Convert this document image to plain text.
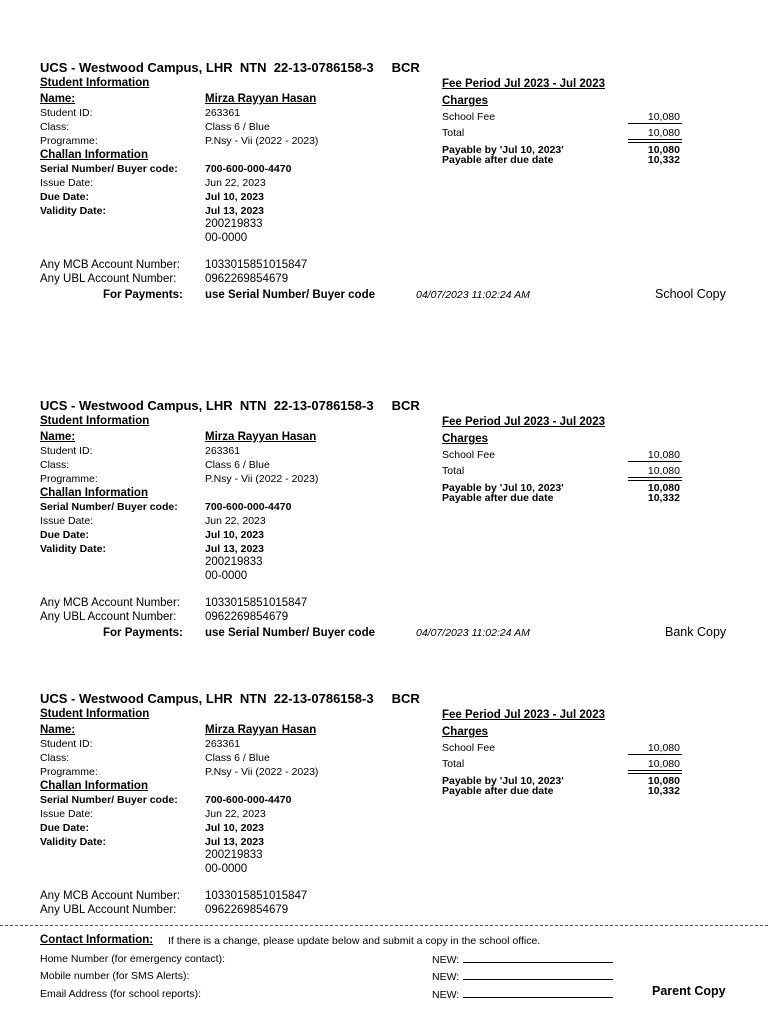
UCS - Westwood Campus, LHR NTN 22-13-0786158-3 BCR
Student Information
Name:	Mirza Rayyan Hasan
Student ID:	263361
Class:	Class 6 / Blue
Programme:	P.Nsy - Vii (2022 - 2023)
Challan Information
Serial Number/ Buyer code:	700-600-000-4470
Issue Date:	Jun 22, 2023
Due Date:	Jul 10, 2023
Validity Date:	Jul 13, 2023
200219833
00-0000
Any MCB Account Number: 1033015851015847
Any UBL Account Number: 0962269854679
For Payments: use Serial Number/ Buyer code	04/07/2023 11:02:24 AM
Fee Period Jul 2023 - Jul 2023
Charges
School Fee	10,080
Total	10,080
Payable by 'Jul 10, 2023'	10,080
Payable after due date	10,332
School Copy
UCS - Westwood Campus, LHR NTN 22-13-0786158-3 BCR
Student Information
Name:	Mirza Rayyan Hasan
Student ID:	263361
Class:	Class 6 / Blue
Programme:	P.Nsy - Vii (2022 - 2023)
Challan Information
Serial Number/ Buyer code:	700-600-000-4470
Issue Date:	Jun 22, 2023
Due Date:	Jul 10, 2023
Validity Date:	Jul 13, 2023
200219833
00-0000
Any MCB Account Number: 1033015851015847
Any UBL Account Number: 0962269854679
For Payments: use Serial Number/ Buyer code	04/07/2023 11:02:24 AM
Fee Period Jul 2023 - Jul 2023
Charges
School Fee	10,080
Total	10,080
Payable by 'Jul 10, 2023'	10,080
Payable after due date	10,332
Bank Copy
UCS - Westwood Campus, LHR NTN 22-13-0786158-3 BCR
Student Information
Name:	Mirza Rayyan Hasan
Student ID:	263361
Class:	Class 6 / Blue
Programme:	P.Nsy - Vii (2022 - 2023)
Challan Information
Serial Number/ Buyer code:	700-600-000-4470
Issue Date:	Jun 22, 2023
Due Date:	Jul 10, 2023
Validity Date:	Jul 13, 2023
200219833
00-0000
Any MCB Account Number: 1033015851015847
Any UBL Account Number: 0962269854679
Fee Period Jul 2023 - Jul 2023
Charges
School Fee	10,080
Total	10,080
Payable by 'Jul 10, 2023'	10,080
Payable after due date	10,332
Contact Information: If there is a change, please update below and submit a copy in the school office.
Home Number (for emergency contact):	NEW:
Mobile number (for SMS Alerts):	NEW:
Email Address (for school reports):	NEW:	Parent Copy
